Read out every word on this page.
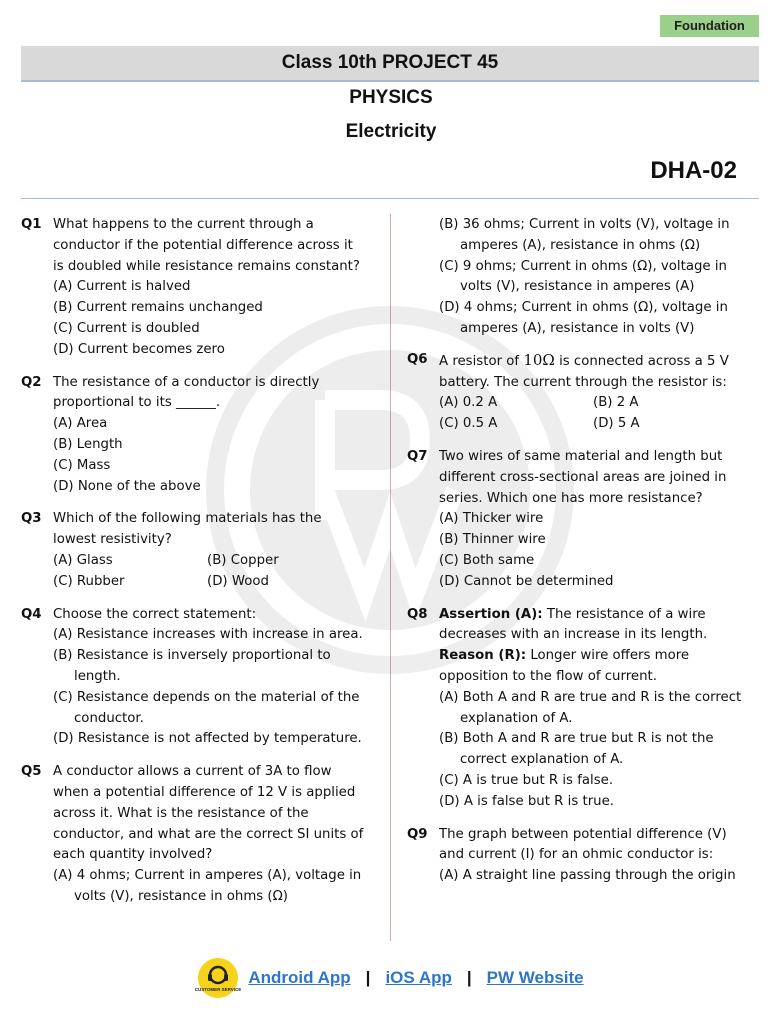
Foundation
Class 10th PROJECT 45
PHYSICS
Electricity
DHA-02
Q1 What happens to the current through a conductor if the potential difference across it is doubled while resistance remains constant?
(A) Current is halved
(B) Current remains unchanged
(C) Current is doubled
(D) Current becomes zero
Q2 The resistance of a conductor is directly proportional to its ______.
(A) Area
(B) Length
(C) Mass
(D) None of the above
Q3 Which of the following materials has the lowest resistivity?
(A) Glass	(B) Copper
(C) Rubber	(D) Wood
Q4 Choose the correct statement:
(A) Resistance increases with increase in area.
(B) Resistance is inversely proportional to length.
(C) Resistance depends on the material of the conductor.
(D) Resistance is not affected by temperature.
Q5 A conductor allows a current of 3A to flow when a potential difference of 12 V is applied across it. What is the resistance of the conductor, and what are the correct SI units of each quantity involved?
(A) 4 ohms; Current in amperes (A), voltage in volts (V), resistance in ohms (Ω)
(B) 36 ohms; Current in volts (V), voltage in amperes (A), resistance in ohms (Ω)
(C) 9 ohms; Current in ohms (Ω), voltage in volts (V), resistance in amperes (A)
(D) 4 ohms; Current in ohms (Ω), voltage in amperes (A), resistance in volts (V)
Q6 A resistor of 10Ω is connected across a 5 V battery. The current through the resistor is:
(A) 0.2 A	(B) 2 A
(C) 0.5 A	(D) 5 A
Q7 Two wires of same material and length but different cross-sectional areas are joined in series. Which one has more resistance?
(A) Thicker wire
(B) Thinner wire
(C) Both same
(D) Cannot be determined
Q8 Assertion (A): The resistance of a wire decreases with an increase in its length.
Reason (R): Longer wire offers more opposition to the flow of current.
(A) Both A and R are true and R is the correct explanation of A.
(B) Both A and R are true but R is not the correct explanation of A.
(C) A is true but R is false.
(D) A is false but R is true.
Q9 The graph between potential difference (V) and current (I) for an ohmic conductor is:
(A) A straight line passing through the origin
CUSTOMER SERVICE
Android App | iOS App | PW Website
